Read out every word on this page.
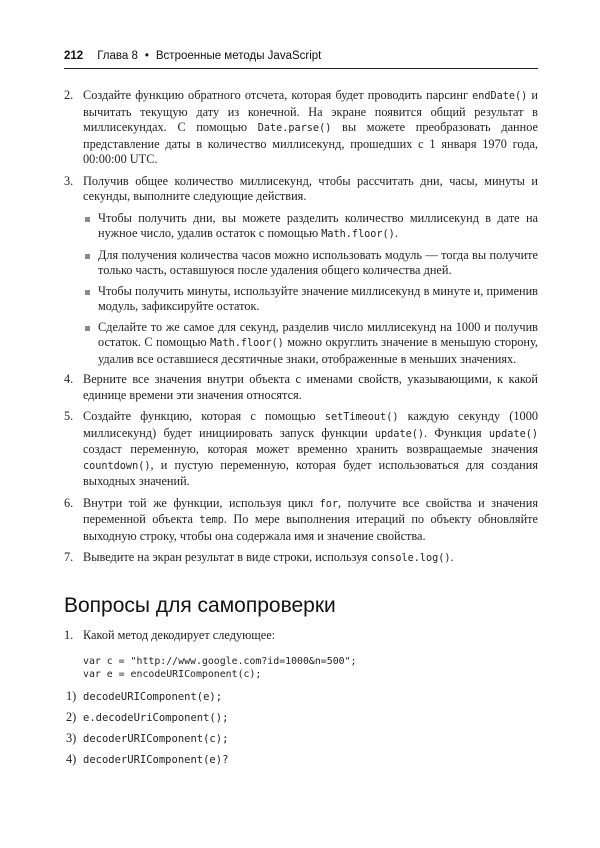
212 Глава 8 • Встроенные методы JavaScript
2. Создайте функцию обратного отсчета, которая будет проводить парсинг endDate() и вычитать текущую дату из конечной. На экране появится общий результат в миллисекундах. С помощью Date.parse() вы можете преобразовать данное представление даты в количество миллисекунд, прошедших с 1 января 1970 года, 00:00:00 UTC.
3. Получив общее количество миллисекунд, чтобы рассчитать дни, часы, минуты и секунды, выполните следующие действия.
Чтобы получить дни, вы можете разделить количество миллисекунд в дате на нужное число, удалив остаток с помощью Math.floor().
Для получения количества часов можно использовать модуль — тогда вы получите только часть, оставшуюся после удаления общего количества дней.
Чтобы получить минуты, используйте значение миллисекунд в минуте и, применив модуль, зафиксируйте остаток.
Сделайте то же самое для секунд, разделив число миллисекунд на 1000 и получив остаток. С помощью Math.floor() можно округлить значение в меньшую сторону, удалив все оставшиеся десятичные знаки, отображенные в меньших значениях.
4. Верните все значения внутри объекта с именами свойств, указывающими, к какой единице времени эти значения относятся.
5. Создайте функцию, которая с помощью setTimeout() каждую секунду (1000 миллисекунд) будет инициировать запуск функции update(). Функция update() создаст переменную, которая может временно хранить возвращаемые значения countdown(), и пустую переменную, которая будет использоваться для создания выходных значений.
6. Внутри той же функции, используя цикл for, получите все свойства и значения переменной объекта temp. По мере выполнения итераций по объекту обновляйте выходную строку, чтобы она содержала имя и значение свойства.
7. Выведите на экран результат в виде строки, используя console.log().
Вопросы для самопроверки
1. Какой метод декодирует следующее:
var c = "http://www.google.com?id=1000&n=500";
var e = encodeURIComponent(c);
1) decodeURIComponent(e);
2) e.decodeUriComponent();
3) decoderURIComponent(c);
4) decoderURIComponent(e)?
